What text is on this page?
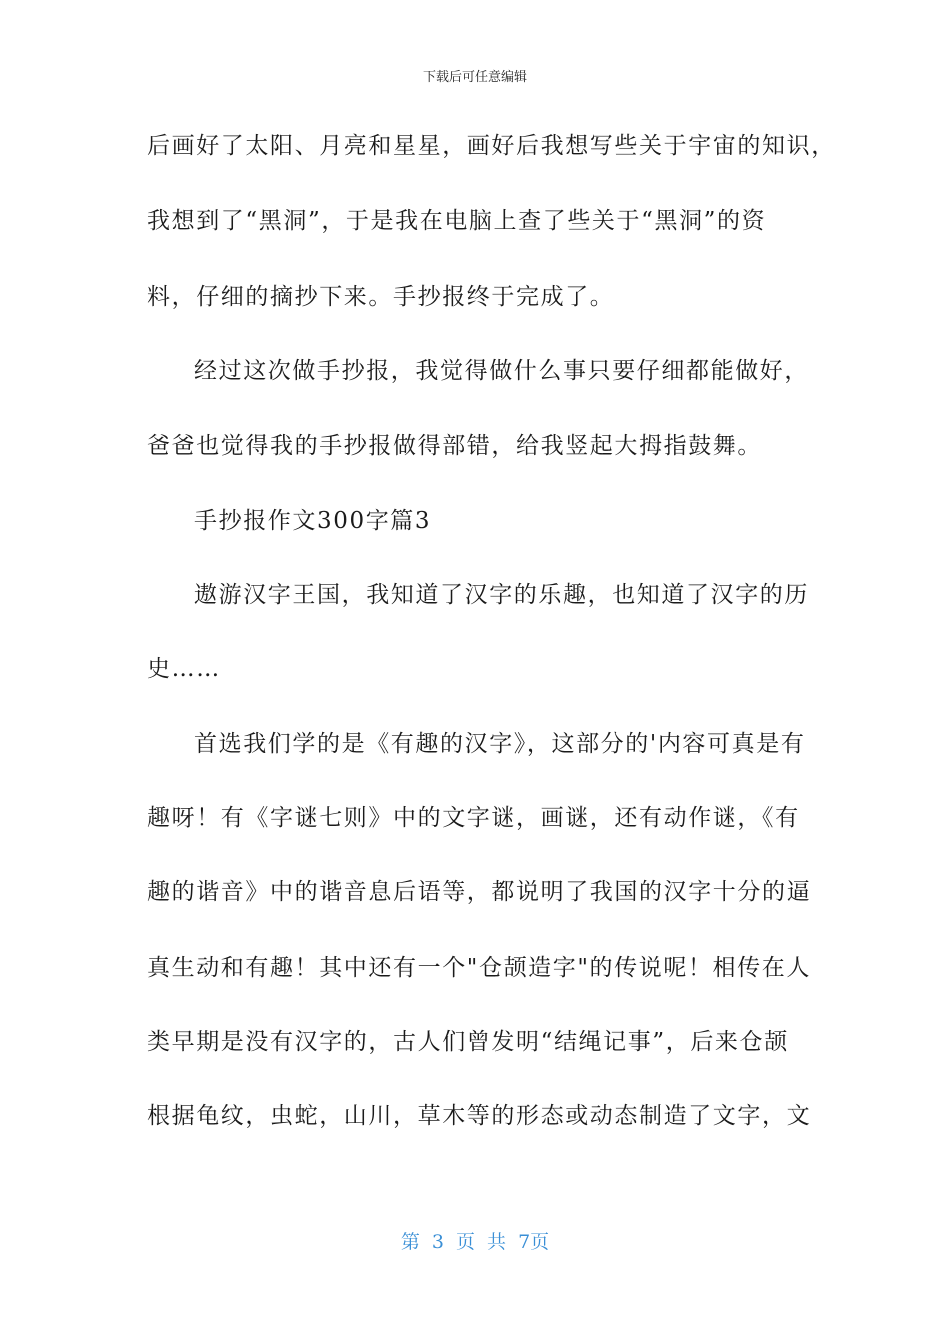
下载后可任意编辑
后画好了太阳、月亮和星星，画好后我想写些关于宇宙的知识，
我想到了“黑洞”，于是我在电脑上查了些关于“黑洞”的资
料，仔细的摘抄下来。手抄报终于完成了。
经过这次做手抄报，我觉得做什么事只要仔细都能做好，
爸爸也觉得我的手抄报做得部错，给我竖起大拇指鼓舞。
手抄报作文300字篇3
遨游汉字王国，我知道了汉字的乐趣，也知道了汉字的历
史……
首选我们学的是《有趣的汉字》，这部分的'内容可真是有
趣呀！有《字谜七则》中的文字谜，画谜，还有动作谜，《有
趣的谐音》中的谐音息后语等，都说明了我国的汉字十分的逼
真生动和有趣！其中还有一个"仓颉造字"的传说呢！相传在人
类早期是没有汉字的，古人们曾发明“结绳记事”，后来仓颉
根据龟纹，虫蛇，山川，草木等的形态或动态制造了文字，文
第 3 页 共 7页
